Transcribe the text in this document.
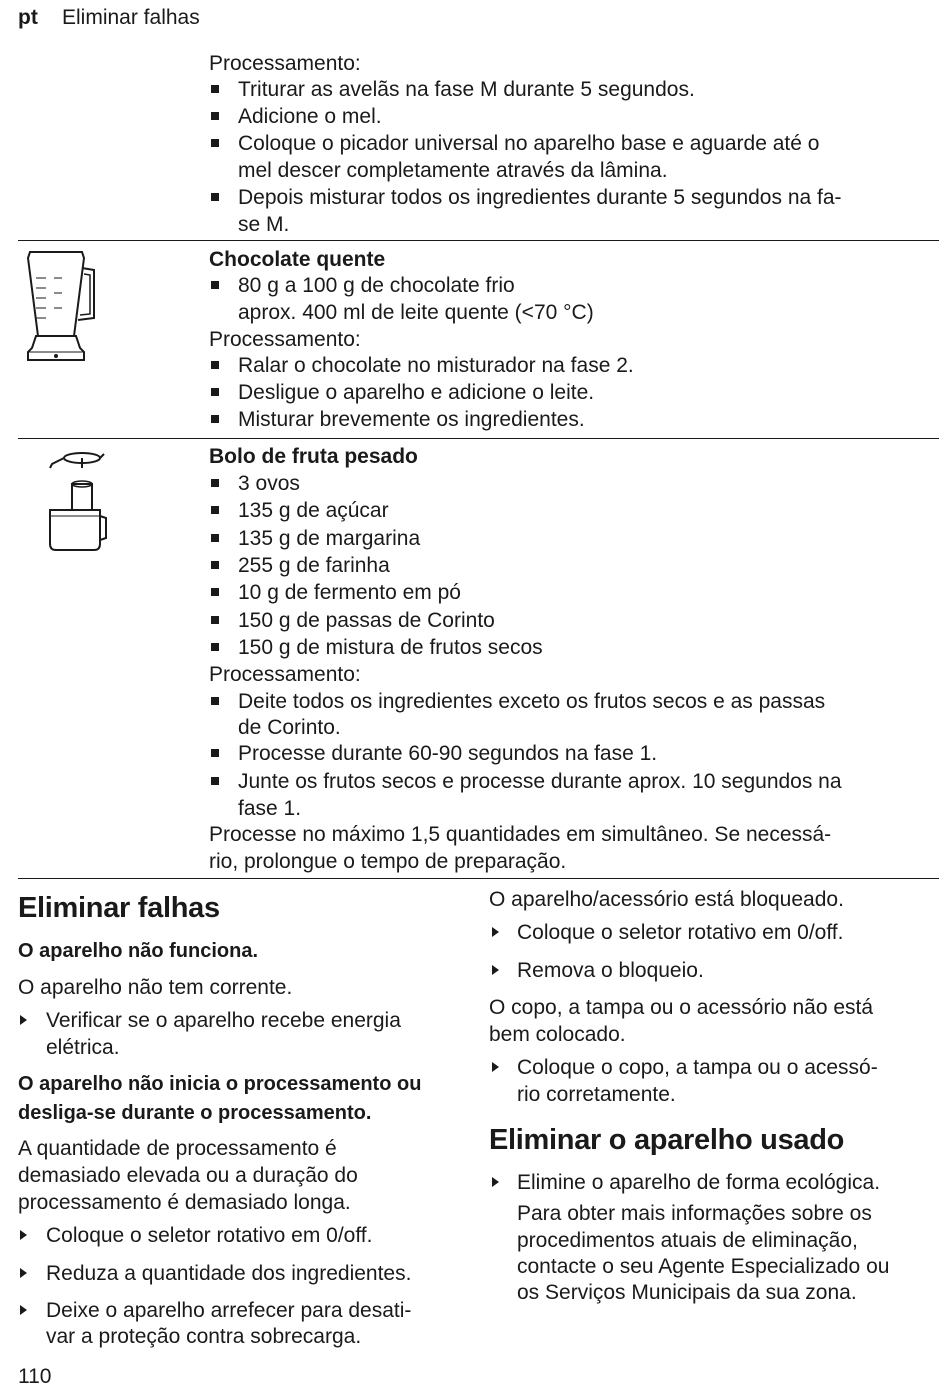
pt Eliminar falhas
Processamento:
Triturar as avelãs na fase M durante 5 segundos.
Adicione o mel.
Coloque o picador universal no aparelho base e aguarde até o
mel descer completamente através da lâmina.
Depois misturar todos os ingredientes durante 5 segundos na fa-
se M.
Chocolate quente
80 g a 100 g de chocolate frio
aprox. 400 ml de leite quente (<70 °C)
Processamento:
Ralar o chocolate no misturador na fase 2.
Desligue o aparelho e adicione o leite.
Misturar brevemente os ingredientes.
Bolo de fruta pesado
3 ovos
135 g de açúcar
135 g de margarina
255 g de farinha
10 g de fermento em pó
150 g de passas de Corinto
150 g de mistura de frutos secos
Processamento:
Deite todos os ingredientes exceto os frutos secos e as passas
de Corinto.
Processe durante 60-90 segundos na fase 1.
Junte os frutos secos e processe durante aprox. 10 segundos na
fase 1.
Processe no máximo 1,5 quantidades em simultâneo. Se necessá-
rio, prolongue o tempo de preparação.
Eliminar falhas
O aparelho não funciona.
O aparelho não tem corrente.
Verificar se o aparelho recebe energia
elétrica.
O aparelho não inicia o processamento ou
desliga-se durante o processamento.
A quantidade de processamento é
demasiado elevada ou a duração do
processamento é demasiado longa.
Coloque o seletor rotativo em 0/off.
Reduza a quantidade dos ingredientes.
Deixe o aparelho arrefecer para desati-
var a proteção contra sobrecarga.
O aparelho/acessório está bloqueado.
Coloque o seletor rotativo em 0/off.
Remova o bloqueio.
O copo, a tampa ou o acessório não está
bem colocado.
Coloque o copo, a tampa ou o acessó-
rio corretamente.
Eliminar o aparelho usado
Elimine o aparelho de forma ecológica.
Para obter mais informações sobre os
procedimentos atuais de eliminação,
contacte o seu Agente Especializado ou
os Serviços Municipais da sua zona.
110
